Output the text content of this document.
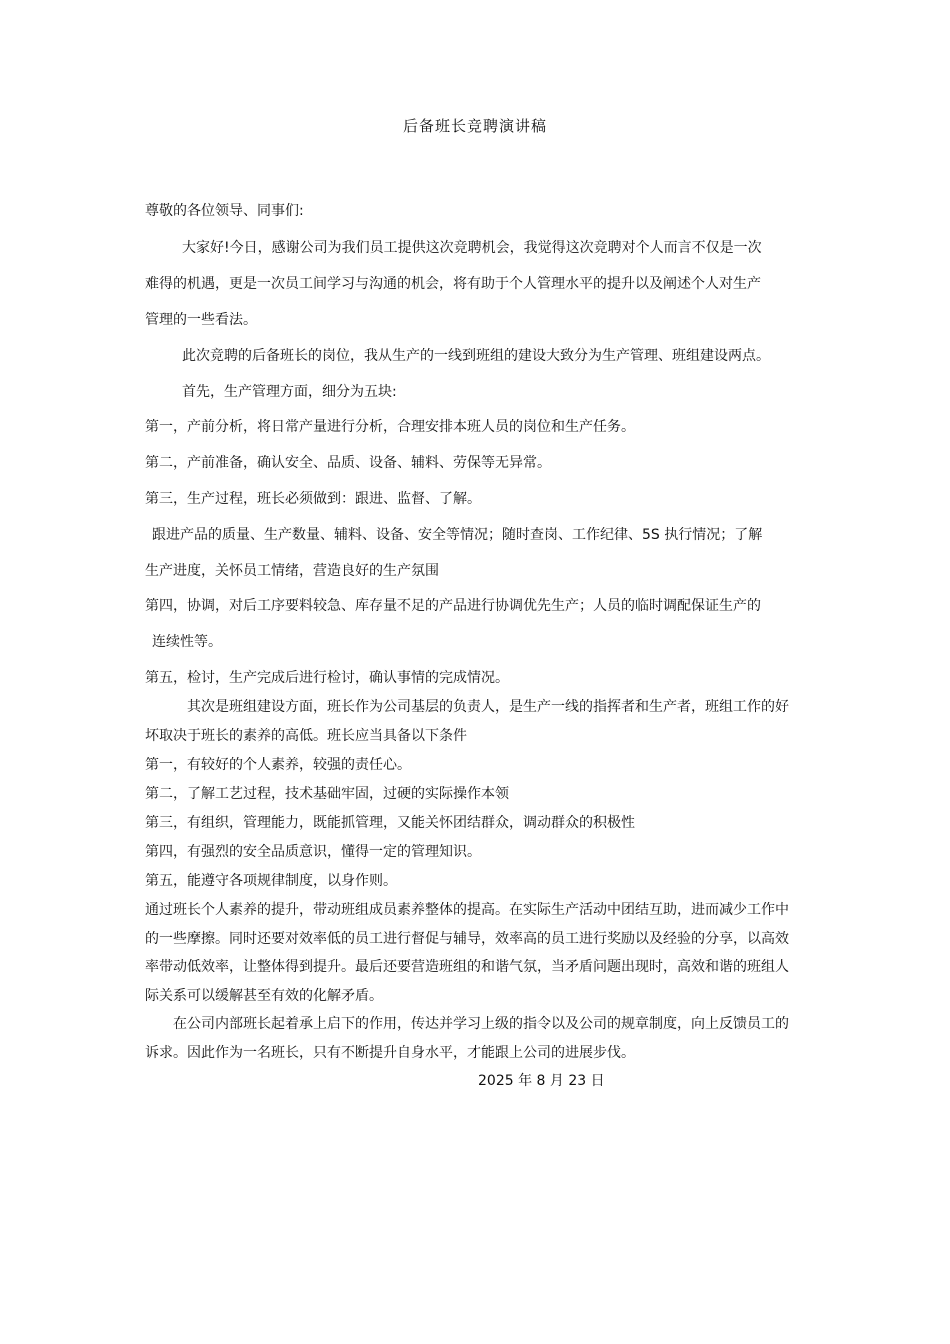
后备班长竞聘演讲稿
尊敬的各位领导、同事们:
大家好!今日，感谢公司为我们员工提供这次竞聘机会，我觉得这次竞聘对个人而言不仅是一次
难得的机遇，更是一次员工间学习与沟通的机会，将有助于个人管理水平的提升以及阐述个人对生产
管理的一些看法。
此次竞聘的后备班长的岗位，我从生产的一线到班组的建设大致分为生产管理、班组建设两点。
首先，生产管理方面，细分为五块:
第一，产前分析，将日常产量进行分析，合理安排本班人员的岗位和生产任务。
第二，产前准备，确认安全、品质、设备、辅料、劳保等无异常。
第三，生产过程，班长必须做到：跟进、监督、了解。
跟进产品的质量、生产数量、辅料、设备、安全等情况；随时查岗、工作纪律、5S 执行情况；了解
生产进度，关怀员工情绪，营造良好的生产氛围
第四，协调，对后工序要料较急、库存量不足的产品进行协调优先生产；人员的临时调配保证生产的
连续性等。
第五，检讨，生产完成后进行检讨，确认事情的完成情况。
其次是班组建设方面，班长作为公司基层的负责人，是生产一线的指挥者和生产者，班组工作的好
坏取决于班长的素养的高低。班长应当具备以下条件
第一，有较好的个人素养，较强的责任心。
第二，了解工艺过程，技术基础牢固，过硬的实际操作本领
第三，有组织，管理能力，既能抓管理，又能关怀团结群众，调动群众的积极性
第四，有强烈的安全品质意识，懂得一定的管理知识。
第五，能遵守各项规律制度，以身作则。
通过班长个人素养的提升，带动班组成员素养整体的提高。在实际生产活动中团结互助，进而减少工作中
的一些摩擦。同时还要对效率低的员工进行督促与辅导，效率高的员工进行奖励以及经验的分享，以高效
率带动低效率，让整体得到提升。最后还要营造班组的和谐气氛，当矛盾问题出现时，高效和谐的班组人
际关系可以缓解甚至有效的化解矛盾。
在公司内部班长起着承上启下的作用，传达并学习上级的指令以及公司的规章制度，向上反馈员工的
诉求。因此作为一名班长，只有不断提升自身水平，才能跟上公司的进展步伐。
2025 年 8 月 23 日
